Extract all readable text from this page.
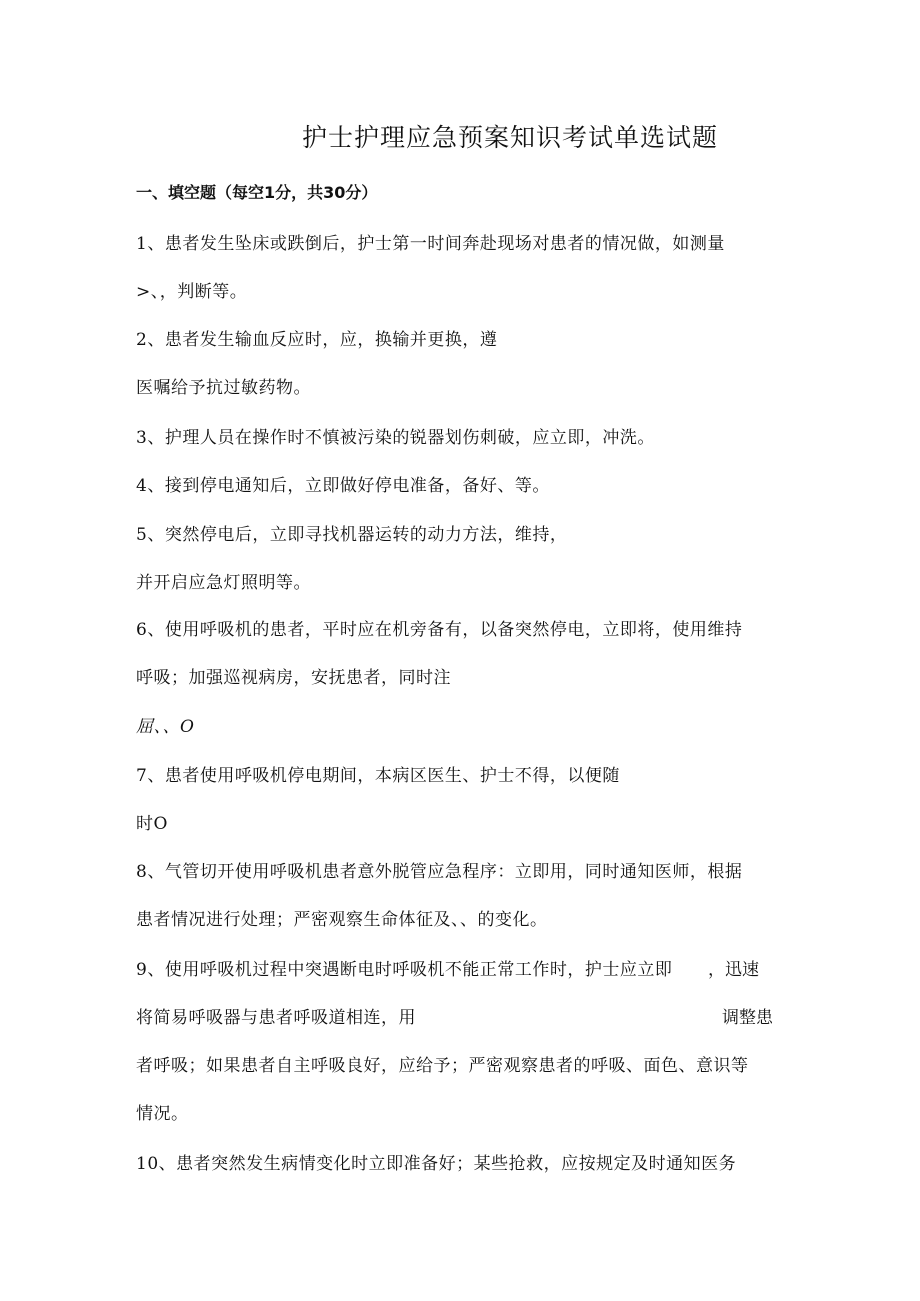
护士护理应急预案知识考试单选试题
一、填空题（每空1分，共30分）
1、患者发生坠床或跌倒后，护士第一时间奔赴现场对患者的情况做，如测量
>、，判断等。
2、患者发生输血反应时，应，换输并更换，遵
医嘱给予抗过敏药物。
3、护理人员在操作时不慎被污染的锐器划伤刺破，应立即，冲洗。
4、接到停电通知后，立即做好停电准备，备好、等。
5、突然停电后，立即寻找机器运转的动力方法，维持，
并开启应急灯照明等。
6、使用呼吸机的患者，平时应在机旁备有，以备突然停电，立即将，使用维持
呼吸；加强巡视病房，安抚患者，同时注
屈、、O
7、患者使用呼吸机停电期间，本病区医生、护士不得，以便随
时O
8、气管切开使用呼吸机患者意外脱管应急程序：立即用，同时通知医师，根据
患者情况进行处理；严密观察生命体征及、、的变化。
9、使用呼吸机过程中突遇断电时呼吸机不能正常工作时，护士应立即 ，迅速
将简易呼吸器与患者呼吸道相连，用	调整患
者呼吸；如果患者自主呼吸良好，应给予；严密观察患者的呼吸、面色、意识等
情况。
10、患者突然发生病情变化时立即准备好；某些抢救，应按规定及时通知医务
